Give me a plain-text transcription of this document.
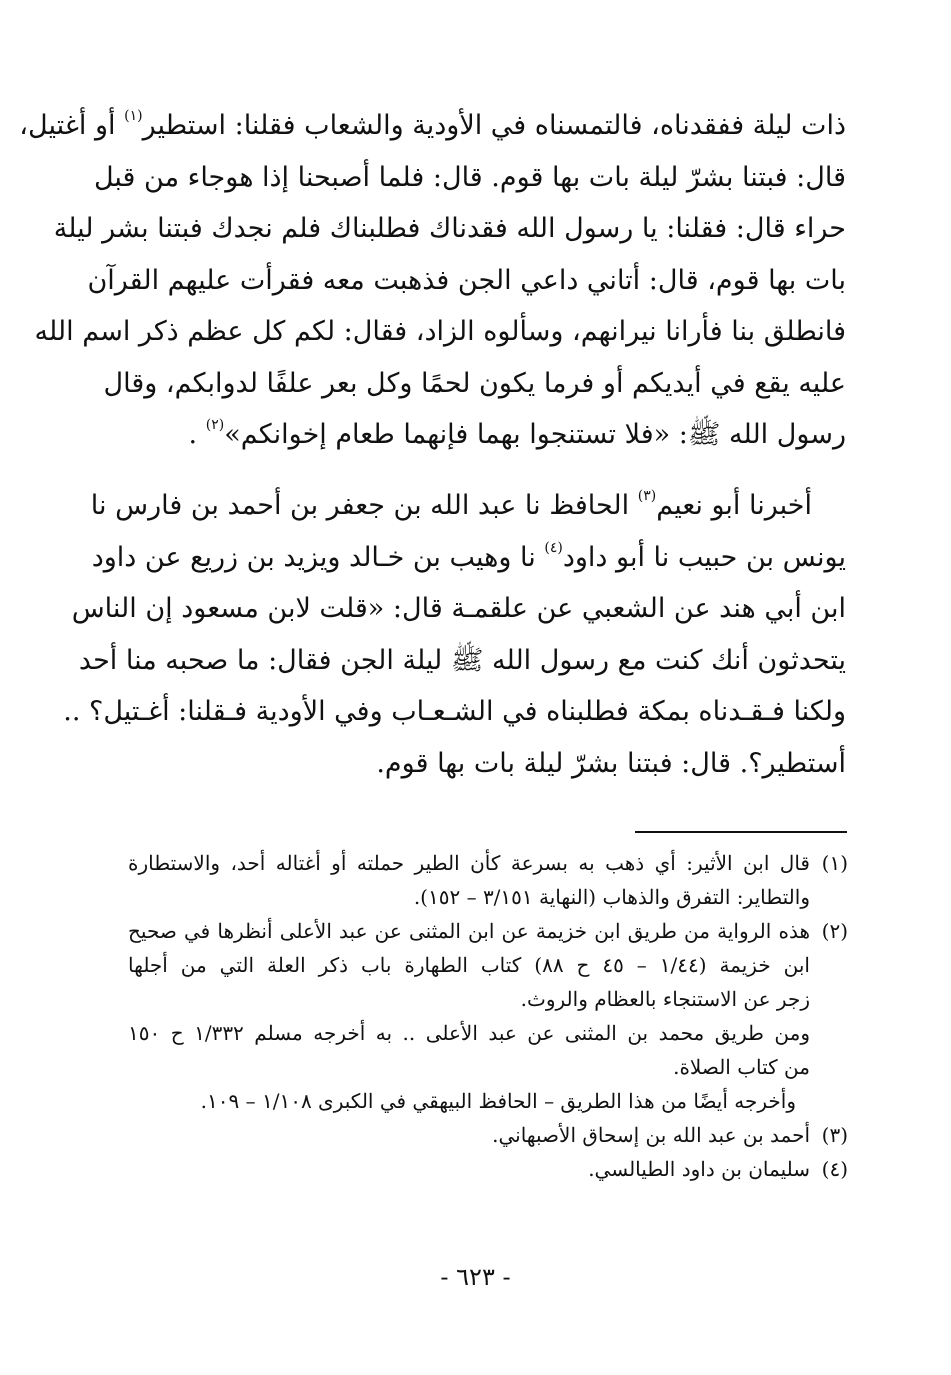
ذات ليلة ففقدناه، فالتمسناه في الأودية والشعاب فقلنا: استطير$^{(١)}$ أو أغتيل،
قال: فبتنا بشرّ ليلة بات بها قوم. قال: فلما أصبحنا إذا هوجاء من قبل
حراء قال: فقلنا: يا رسول الله فقدناك فطلبناك فلم نجدك فبتنا بشر ليلة
بات بها قوم، قال: أتاني داعي الجن فذهبت معه فقرأت عليهم القرآن
فانطلق بنا فأرانا نيرانهم، وسألوه الزاد، فقال: لكم كل عظم ذكر اسم الله
عليه يقع في أيديكم أو فرما يكون لحمًا وكل بعر علفًا لدوابكم، وقال
رسول الله ﷺ: «فلا تستنجوا بهما فإنهما طعام إخوانكم»$^{(٢)}$ .
أخبرنا أبو نعيم$^{(٣)}$ الحافظ نا عبد الله بن جعفر بن أحمد بن فارس نا
يونس بن حبيب نا أبو داود$^{(٤)}$ نا وهيب بن خـالد ويزيد بن زريع عن داود
ابن أبي هند عن الشعبي عن علقمـة قال: «قلت لابن مسعود إن الناس
يتحدثون أنك كنت مع رسول الله ﷺ ليلة الجن فقال: ما صحبه منا أحد
ولكنا فـقـدناه بمكة فطلبناه في الشـعـاب وفي الأودية فـقلنا: أغـتيل؟ ..
أستطير؟. قال: فبتنا بشرّ ليلة بات بها قوم.
(١)
قال ابن الأثير: أي ذهب به بسرعة كأن الطير حملته أو أغتاله أحد، والاستطارة
والتطاير: التفرق والذهاب (النهاية ٣/١٥١ – ١٥٢).
(٢)
هذه الرواية من طريق ابن خزيمة عن ابن المثنى عن عبد الأعلى أنظرها في صحيح
ابن خزيمة (١/٤٤ – ٤٥ ح ٨٨) كتاب الطهارة باب ذكر العلة التي من أجلها
زجر عن الاستنجاء بالعظام والروث.
ومن طريق محمد بن المثنى عن عبد الأعلى .. به أخرجه مسلم ١/٣٣٢ ح ١٥٠
من كتاب الصلاة.
وأخرجه أيضًا من هذا الطريق – الحافظ البيهقي في الكبرى ١/١٠٨ – ١٠٩.
(٣)
أحمد بن عبد الله بن إسحاق الأصبهاني.
(٤)
سليمان بن داود الطيالسي.
- ٦٢٣ -
